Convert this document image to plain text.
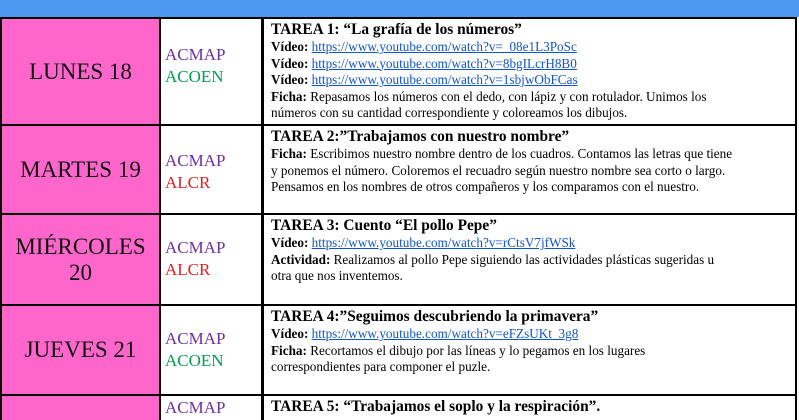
LUNES 18
ACMAP
ACOEN
TAREA 1: “La grafía de los números”
Vídeo: https://www.youtube.com/watch?v=_08e1L3PoSc
Vídeo: https://www.youtube.com/watch?v=8bgILcrH8B0
Vídeo: https://www.youtube.com/watch?v=1sbjwObFCas
Ficha: Repasamos los números con el dedo, con lápiz y con rotulador. Unimos los
números con su cantidad correspondiente y coloreamos los dibujos.
MARTES 19 ACMAP
ALCR
TAREA 2:”Trabajamos con nuestro nombre”
Ficha: Escribimos nuestro nombre dentro de los cuadros. Contamos las letras que tiene
y ponemos el número. Coloremos el recuadro según nuestro nombre sea corto o largo.
Pensamos en los nombres de otros compañeros y los comparamos con el nuestro.
MIÉRCOLES
20
ACMAP
ALCR
TAREA 3: Cuento “El pollo Pepe”
Vídeo: https://www.youtube.com/watch?v=rCtsV7jfWSk
Actividad: Realizamos al pollo Pepe siguiendo las actividades plásticas sugeridas u
otra que nos inventemos.
JUEVES 21 ACMAP
ACOEN
TAREA 4:”Seguimos descubriendo la primavera”
Vídeo: https://www.youtube.com/watch?v=eFZsUKt_3g8
Ficha: Recortamos el dibujo por las líneas y lo pegamos en los lugares
correspondientes para componer el puzle.
ACMAP	TAREA 5: “Trabajamos el soplo y la respiración”.
